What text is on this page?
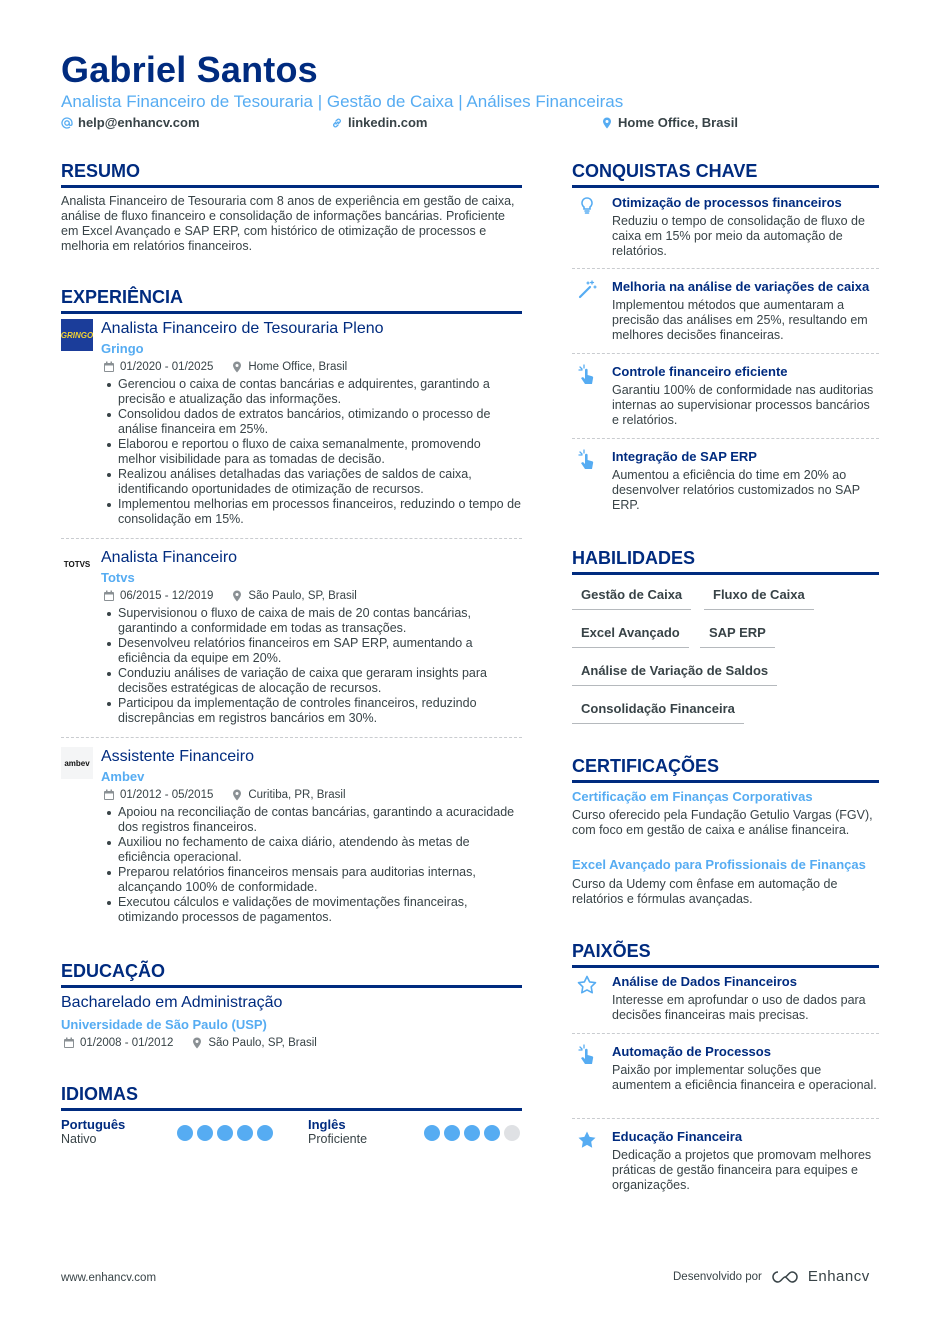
Gabriel Santos
Analista Financeiro de Tesouraria | Gestão de Caixa | Análises Financeiras
help@enhancv.com	linkedin.com	Home Office, Brasil
RESUMO
Analista Financeiro de Tesouraria com 8 anos de experiência em gestão de caixa, análise de fluxo financeiro e consolidação de informações bancárias. Proficiente em Excel Avançado e SAP ERP, com histórico de otimização de processos e melhoria em relatórios financeiros.
EXPERIÊNCIA
GRINGO Analista Financeiro de Tesouraria Pleno
Gringo
01/2020 - 01/2025	Home Office, Brasil
Gerenciou o caixa de contas bancárias e adquirentes, garantindo a precisão e atualização das informações.
Consolidou dados de extratos bancários, otimizando o processo de análise financeira em 25%.
Elaborou e reportou o fluxo de caixa semanalmente, promovendo melhor visibilidade para as tomadas de decisão.
Realizou análises detalhadas das variações de saldos de caixa, identificando oportunidades de otimização de recursos.
Implementou melhorias em processos financeiros, reduzindo o tempo de consolidação em 15%.
TOTVS Analista Financeiro
Totvs
06/2015 - 12/2019	São Paulo, SP, Brasil
Supervisionou o fluxo de caixa de mais de 20 contas bancárias, garantindo a conformidade em todas as transações.
Desenvolveu relatórios financeiros em SAP ERP, aumentando a eficiência da equipe em 20%.
Conduziu análises de variação de caixa que geraram insights para decisões estratégicas de alocação de recursos.
Participou da implementação de controles financeiros, reduzindo discrepâncias em registros bancários em 30%.
ambev Assistente Financeiro
Ambev
01/2012 - 05/2015	Curitiba, PR, Brasil
Apoiou na reconciliação de contas bancárias, garantindo a acuracidade dos registros financeiros.
Auxiliou no fechamento de caixa diário, atendendo às metas de eficiência operacional.
Preparou relatórios financeiros mensais para auditorias internas, alcançando 100% de conformidade.
Executou cálculos e validações de movimentações financeiras, otimizando processos de pagamentos.
EDUCAÇÃO
Bacharelado em Administração
Universidade de São Paulo (USP)
01/2008 - 01/2012	São Paulo, SP, Brasil
IDIOMAS
Português
Nativo
Inglês
Proficiente
CONQUISTAS CHAVE
Otimização de processos financeiros
Reduziu o tempo de consolidação de fluxo de caixa em 15% por meio da automação de relatórios.
Melhoria na análise de variações de caixa
Implementou métodos que aumentaram a precisão das análises em 25%, resultando em melhores decisões financeiras.
Controle financeiro eficiente
Garantiu 100% de conformidade nas auditorias internas ao supervisionar processos bancários e relatórios.
Integração de SAP ERP
Aumentou a eficiência do time em 20% ao desenvolver relatórios customizados no SAP ERP.
HABILIDADES
Gestão de Caixa	Fluxo de Caixa
Excel Avançado	SAP ERP
Análise de Variação de Saldos
Consolidação Financeira
CERTIFICAÇÕES
Certificação em Finanças Corporativas
Curso oferecido pela Fundação Getulio Vargas (FGV), com foco em gestão de caixa e análise financeira.
Excel Avançado para Profissionais de Finanças
Curso da Udemy com ênfase em automação de relatórios e fórmulas avançadas.
PAIXÕES
Análise de Dados Financeiros
Interesse em aprofundar o uso de dados para decisões financeiras mais precisas.
Automação de Processos
Paixão por implementar soluções que aumentem a eficiência financeira e operacional.
Educação Financeira
Dedicação a projetos que promovam melhores práticas de gestão financeira para equipes e organizações.
www.enhancv.com	Desenvolvido por	Enhancv
